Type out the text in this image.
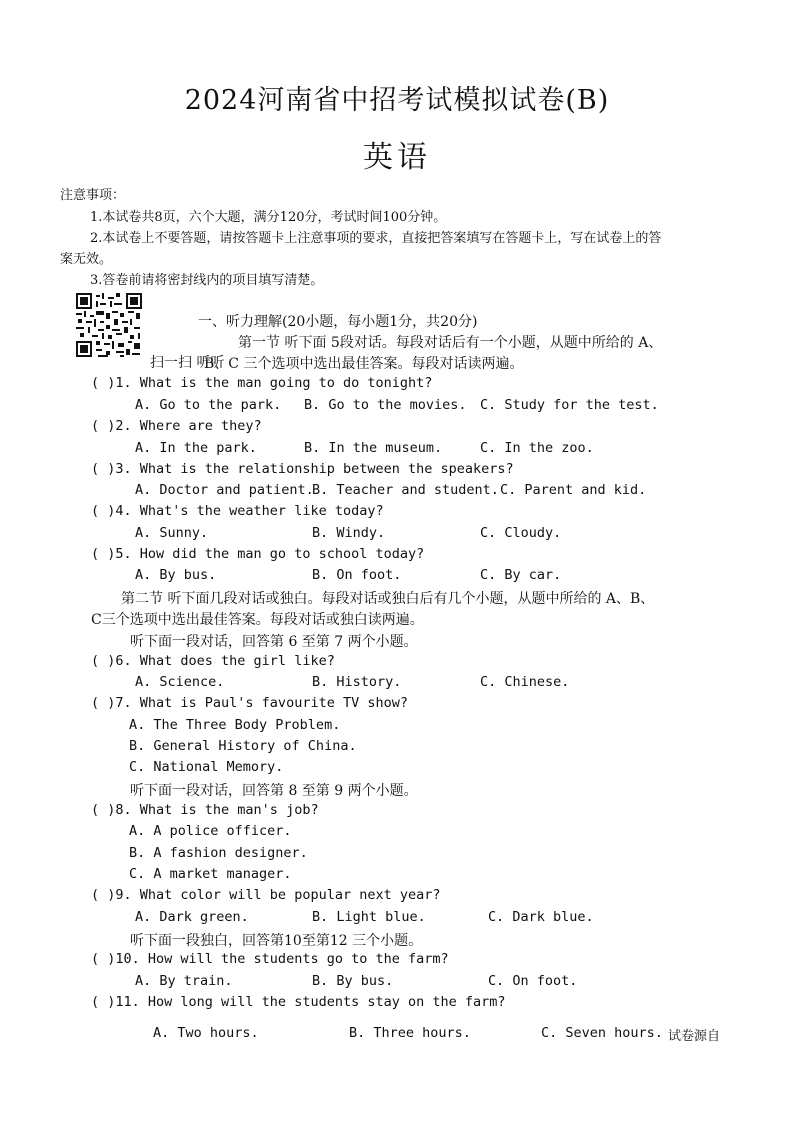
2024河南省中招考试模拟试卷(B)
英语
注意事项：
1.本试卷共8页，六个大题，满分120分，考试时间100分钟。
2.本试卷上不要答题，请按答题卡上注意事项的要求，直接把答案填写在答题卡上，写在试卷上的答
案无效。
3.答卷前请将密封线内的项目填写清楚。
扫一扫 听听
一、听力理解(20小题，每小题1分，共20分)
第一节 听下面 5段对话。每段对话后有一个小题，从题中所给的 A、
B、C 三个选项中选出最佳答案。每段对话读两遍。
( )1. What is the man going to do tonight?
A. Go to the park. B. Go to the movies. C. Study for the test.
( )2. Where are they?
A. In the park.	B. In the museum.	C. In the zoo.
( )3. What is the relationship between the speakers?
A. Doctor and patient.
B. Teacher and student. C. Parent and kid.
( )4. What's the weather like today?
A. Sunny.	B. Windy.	C. Cloudy.
( )5. How did the man go to school today?
A. By bus.	B. On foot.	C. By car.
第二节 听下面几段对话或独白。每段对话或独白后有几个小题，从题中所给的 A、B、
C三个选项中选出最佳答案。每段对话或独白读两遍。
听下面一段对话，回答第 6 至第 7 两个小题。
( )6. What does the girl like?
A. Science.	B. History.	C. Chinese.
( )7. What is Paul's favourite TV show?
A. The Three Body Problem.
B. General History of China.
C. National Memory.
听下面一段对话，回答第 8 至第 9 两个小题。
( )8. What is the man's job?
A. A police officer.
B. A fashion designer.
C. A market manager.
( )9. What color will be popular next year?
A. Dark green.	B. Light blue.	C. Dark blue.
听下面一段独白，回答第10至第12 三个小题。
( )10. How will the students go to the farm?
A. By train.	B. By bus.	C. On foot.
( )11. How long will the students stay on the farm?
A. Two hours.	B. Three hours.	C. Seven hours. 试卷源自
